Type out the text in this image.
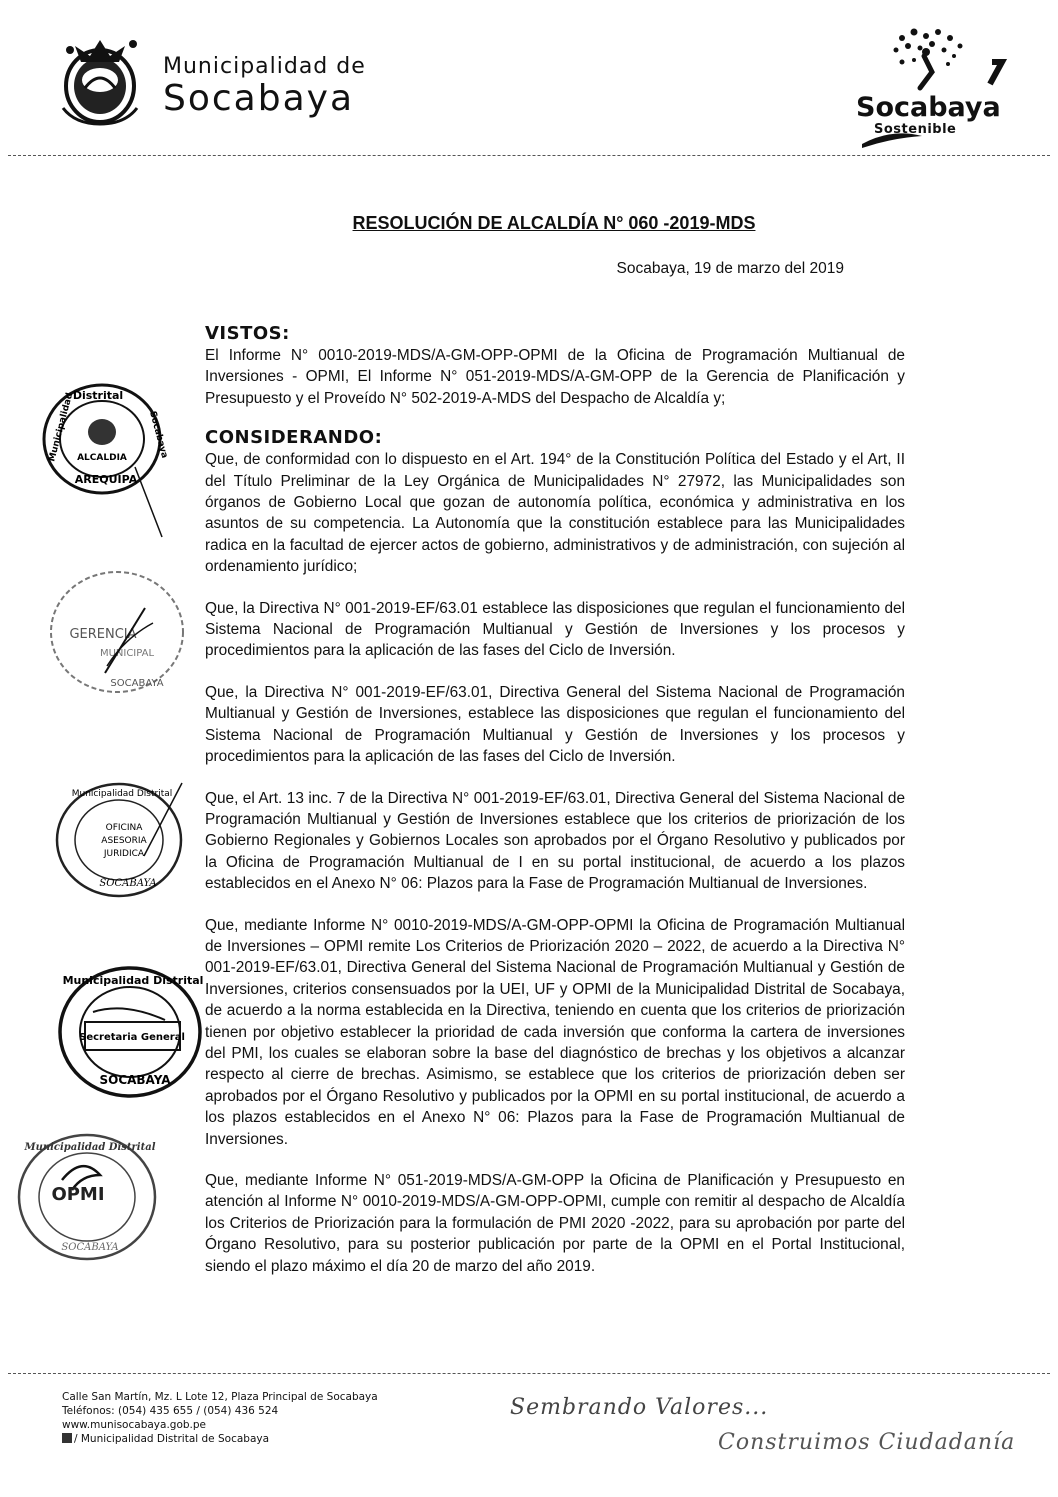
Municipalidad de
Socabaya	Socabaya
Sostenible
RESOLUCIÓN DE ALCALDÍA N° 060 -2019-MDS
Socabaya, 19 de marzo del 2019
VISTOS:

El Informe N° 0010-2019-MDS/A-GM-OPP-OPMI de la Oficina de Programación Multianual de Inversiones - OPMI, El Informe N° 051-2019-MDS/A-GM-OPP de la Gerencia de Planificación y Presupuesto y el Proveído N° 502-2019-A-MDS del Despacho de Alcaldía y;

CONSIDERANDO:

Que, de conformidad con lo dispuesto en el Art. 194° de la Constitución Política del Estado y el Art, II del Título Preliminar de la Ley Orgánica de Municipalidades N° 27972, las Municipalidades son órganos de Gobierno Local que gozan de autonomía política, económica y administrativa en los asuntos de su competencia. La Autonomía que la constitución establece para las Municipalidades radica en la facultad de ejercer actos de gobierno, administrativos y de administración, con sujeción al ordenamiento jurídico;

Que, la Directiva N° 001-2019-EF/63.01 establece las disposiciones que regulan el funcionamiento del Sistema Nacional de Programación Multianual y Gestión de Inversiones y los procesos y procedimientos para la aplicación de las fases del Ciclo de Inversión.

Que, la Directiva N° 001-2019-EF/63.01, Directiva General del Sistema Nacional de Programación Multianual y Gestión de Inversiones, establece las disposiciones que regulan el funcionamiento del Sistema Nacional de Programación Multianual y Gestión de Inversiones y los procesos y procedimientos para la aplicación de las fases del Ciclo de Inversión.

Que, el Art. 13 inc. 7 de la Directiva N° 001-2019-EF/63.01, Directiva General del Sistema Nacional de Programación Multianual y Gestión de Inversiones establece que los criterios de priorización de los Gobierno Regionales y Gobiernos Locales son aprobados por el Órgano Resolutivo y publicados por la Oficina de Programación Multianual de I en su portal institucional, de acuerdo a los plazos establecidos en el Anexo N° 06: Plazos para la Fase de Programación Multianual de Inversiones.

Que, mediante Informe N° 0010-2019-MDS/A-GM-OPP-OPMI la Oficina de Programación Multianual de Inversiones – OPMI remite Los Criterios de Priorización 2020 – 2022, de acuerdo a la Directiva N° 001-2019-EF/63.01, Directiva General del Sistema Nacional de Programación Multianual y Gestión de Inversiones, criterios consensuados por la UEI, UF y OPMI de la Municipalidad Distrital de Socabaya, de acuerdo a la norma establecida en la Directiva, teniendo en cuenta que los criterios de priorización tienen por objetivo establecer la prioridad de cada inversión que conforma la cartera de inversiones del PMI, los cuales se elaboran sobre la base del diagnóstico de brechas y los objetivos a alcanzar respecto al cierre de brechas. Asimismo, se establece que los criterios de priorización deben ser aprobados por el Órgano Resolutivo y publicados por la OPMI en su portal institucional, de acuerdo a los plazos establecidos en el Anexo N° 06: Plazos para la Fase de Programación Multianual de Inversiones.

Que, mediante Informe N° 051-2019-MDS/A-GM-OPP la Oficina de Planificación y Presupuesto en atención al Informe N° 0010-2019-MDS/A-GM-OPP-OPMI, cumple con remitir al despacho de Alcaldía los Criterios de Priorización para la formulación de PMI 2020 -2022, para su aprobación por parte del Órgano Resolutivo, para su posterior publicación por parte de la OPMI en el Portal Institucional, siendo el plazo máximo el día 20 de marzo del año 2019.

Distrital
Municipalidad	Socabaya
ALCALDIA
AREQUIPA
GERENCIA
MUNICIPAL
SOCABAYA
Municipalidad Distrital
OFICINA
ASESORIA
JURIDICA
SOCABAYA
Municipalidad Distrital
Secretaria General
SOCABAYA
Municipalidad Distrital
OPMI
SOCABAYA
Calle San Martín, Mz. L Lote 12, Plaza Principal de Socabaya
Teléfonos: (054) 435 655 / (054) 436 524
www.munisocabaya.gob.pe
/ Municipalidad Distrital de Socabaya
Sembrando Valores...
Construimos Ciudadanía
